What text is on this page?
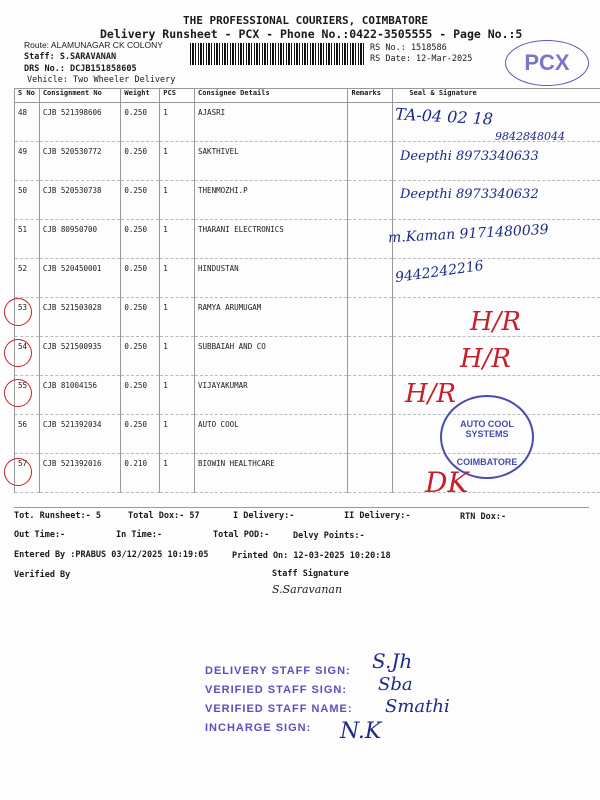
THE PROFESSIONAL COURIERS, COIMBATORE
Delivery Runsheet - PCX - Phone No.:0422-3505555 - Page No.:5
Route: ALAMUNAGAR CK COLONY
Staff: S.SARAVANAN
DRS No.: DCJB151858605
Vehicle: Two Wheeler Delivery
RS No.: 1518586
RS Date: 12-Mar-2025	PCX
S No	Consignment No	Weight	PCS	Consignee Details	Remarks	Seal & Signature
48	CJB 521398606	0.250	1	AJASRI		
49	CJB 520530772	0.250	1	SAKTHIVEL		
50	CJB 520530738	0.250	1	THENMOZHI.P		
51	CJB 80950700	0.250	1	THARANI ELECTRONICS		
52	CJB 520450001	0.250	1	HINDUSTAN		
53	CJB 521503028	0.250	1	RAMYA ARUMUGAM		
54	CJB 521500935	0.250	1	SUBBAIAH AND CO		
55	CJB 81004156	0.250	1	VIJAYAKUMAR		
56	CJB 521392034	0.250	1	AUTO COOL		
57	CJB 521392016	0.210	1	BIOWIN HEALTHCARE		
TA-04 02 18
9842848044
Deepthi 8973340633
Deepthi 8973340632
m.Kaman 9171480039
9442242216
H/R
H/R
H/R
DK
AUTO COOL SYSTEMS
COIMBATORE
Tot. Runsheet:- 5	Total Dox:- 57	I Delivery:-	II Delivery:-	RTN Dox:-
Out Time:-	In Time:-	Total POD:-	Delvy Points:-
Entered By :PRABUS 03/12/2025 10:19:05	Printed On: 12-03-2025 10:20:18
Verified By	Staff Signature
S.Saravanan
DELIVERY STAFF SIGN:
VERIFIED STAFF SIGN:
VERIFIED STAFF NAME:
INCHARGE SIGN:
S.Jh
Sba
Smathi
N.K
